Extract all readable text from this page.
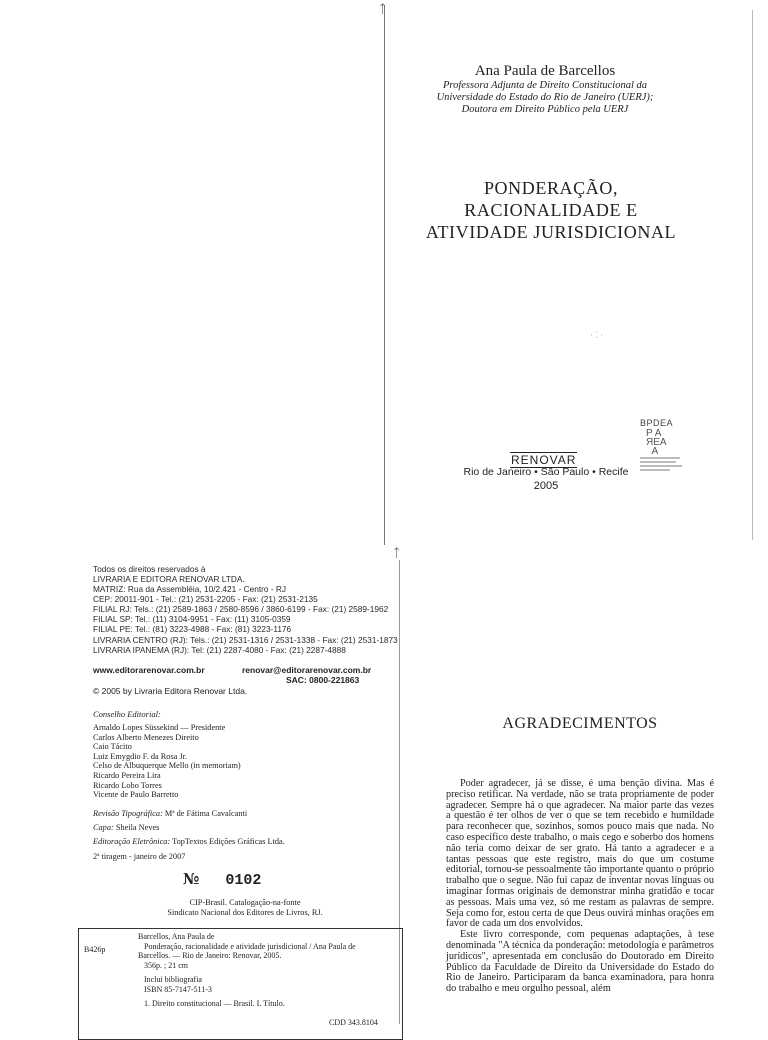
ᛏ
ᛏ
Ana Paula de Barcellos
Professora Adjunta de Direito Constitucional da
Universidade do Estado do Rio de Janeiro (UERJ);
Doutora em Direito Público pela UERJ
PONDERAÇÃO,
RACIONALIDADE E
ATIVIDADE JURISDICIONAL
· ⁚ ·
RENOVAR
Rio de Janeiro • São Paulo • Recife
2005
BPDEA
P A
ЯEA
A
Todos os direitos reservados à
LIVRARIA E EDITORA RENOVAR LTDA.
MATRIZ: Rua da Assembléia, 10/2.421 - Centro - RJ
CEP: 20011-901 - Tel.: (21) 2531-2205 - Fax: (21) 2531-2135
FILIAL RJ: Tels.: (21) 2589-1863 / 2580-8596 / 3860-6199 - Fax: (21) 2589-1962
FILIAL SP: Tel.: (11) 3104-9951 - Fax: (11) 3105-0359
FILIAL PE: Tel.: (81) 3223-4988 - Fax: (81) 3223-1176
LIVRARIA CENTRO (RJ): Tels.: (21) 2531-1316 / 2531-1338 - Fax: (21) 2531-1873
LIVRARIA IPANEMA (RJ): Tel: (21) 2287-4080 - Fax: (21) 2287-4888
www.editorarenovar.com.br	renovar@editorarenovar.com.br
SAC: 0800-221863
© 2005 by Livraria Editora Renovar Ltda.
Conselho Editorial:
Arnaldo Lopes Süssekind — Presidente
Carlos Alberto Menezes Direito
Caio Tácito
Luiz Emygdio F. da Rosa Jr.
Celso de Albuquerque Mello (in memoriam)
Ricardo Pereira Lira
Ricardo Lobo Torres
Vicente de Paulo Barretto
Revisão Tipográfica: Mª de Fátima Cavalcanti
Capa: Sheila Neves
Editoração Eletrônica: TopTextos Edições Gráficas Ltda.
2ª tiragem - janeiro de 2007
№ 0102
CIP-Brasil. Catalogação-na-fonte
Sindicato Nacional dos Editores de Livros, RJ.
B426p
Barcellos, Ana Paula de
Ponderação, racionalidade e atividade jurisdicional / Ana Paula de
Barcellos. — Rio de Janeiro: Renovar, 2005.
356p. ; 21 cm
Inclui bibliografia
ISBN 85-7147-511-3
1. Direito constitucional — Brasil. I. Título.
CDD 343.8104
AGRADECIMENTOS

Poder agradecer, já se disse, é uma benção divina. Mas é preciso retificar. Na verdade, não se trata propriamente de poder agradecer. Sempre há o que agradecer. Na maior parte das vezes a questão é ter olhos de ver o que se tem recebido e humildade para reconhecer que, sozinhos, somos pouco mais que nada. No caso específico deste trabalho, o mais cego e soberbo dos homens não teria como deixar de ser grato. Há tanto a agradecer e a tantas pessoas que este registro, mais do que um costume editorial, tornou-se pessoalmente tão importante quanto o próprio trabalho que o segue. Não fui capaz de inventar novas línguas ou imaginar formas originais de demonstrar minha gratidão e tocar as pessoas. Mais uma vez, só me restam as palavras de sempre. Seja como for, estou certa de que Deus ouvirá minhas orações em favor de cada um dos envolvidos.

Este livro corresponde, com pequenas adaptações, à tese denominada "A técnica da ponderação: metodologia e parâmetros jurídicos", apresentada em conclusão do Doutorado em Direito Público da Faculdade de Direito da Universidade do Estado do Rio de Janeiro. Participaram da banca examinadora, para honra do trabalho e meu orgulho pessoal, além
